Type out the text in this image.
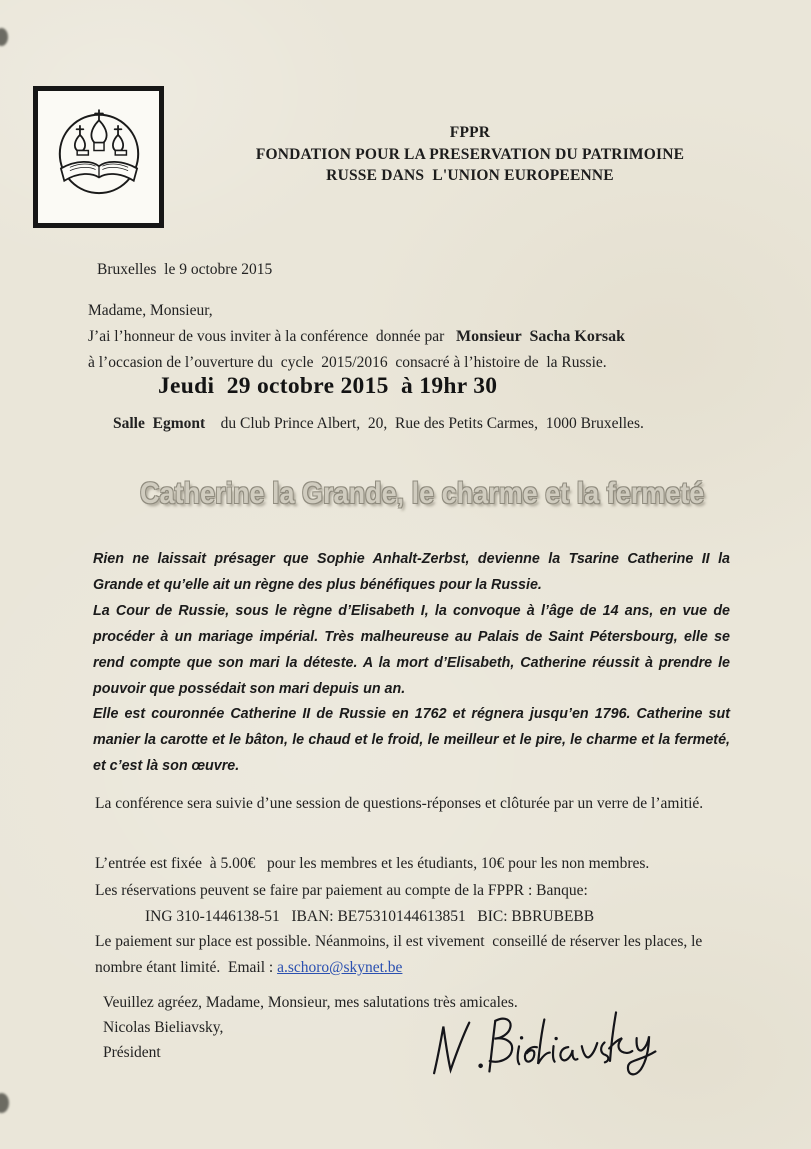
FPPR
FONDATION POUR LA PRESERVATION DU PATRIMOINE
RUSSE DANS  L'UNION EUROPEENNE
Bruxelles  le 9 octobre 2015
Madame, Monsieur,
J’ai l’honneur de vous inviter à la conférence  donnée par   Monsieur  Sacha Korsak
à l’occasion de l’ouverture du  cycle  2015/2016  consacré à l’histoire de  la Russie.
Jeudi  29 octobre 2015  à 19hr 30
Salle  Egmont    du Club Prince Albert,  20,  Rue des Petits Carmes,  1000 Bruxelles.
Catherine la Grande, le charme et la fermeté

Rien ne laissait présager que Sophie Anhalt-Zerbst, devienne la Tsarine Catherine II la Grande et qu’elle ait un règne des plus bénéfiques pour la Russie.

La Cour de Russie, sous le règne d’Elisabeth I, la convoque à l’âge de 14 ans, en vue de procéder à un mariage impérial. Très malheureuse au Palais de Saint Pétersbourg, elle se rend compte que son mari la déteste. A la mort d’Elisabeth, Catherine réussit à prendre le pouvoir que possédait son mari depuis un an.

Elle est couronnée Catherine II de Russie en 1762 et régnera jusqu’en 1796. Catherine sut manier la carotte et le bâton, le chaud et le froid, le meilleur et le pire, le charme et la fermeté, et c’est là son œuvre.

La conférence sera suivie d’une session de questions-réponses et clôturée par un verre de l’amitié.
L’entrée est fixée  à 5.00€   pour les membres et les étudiants, 10€ pour les non membres.
Les réservations peuvent se faire par paiement au compte de la FPPR : Banque:
ING 310-1446138-51   IBAN: BE75310144613851   BIC: BBRUBEBB
Le paiement sur place est possible. Néanmoins, il est vivement  conseillé de réserver les places, le nombre étant limité.  Email : a.schoro@skynet.be
Veuillez agréez, Madame, Monsieur, mes salutations très amicales.
Nicolas Bieliavsky,
Président
